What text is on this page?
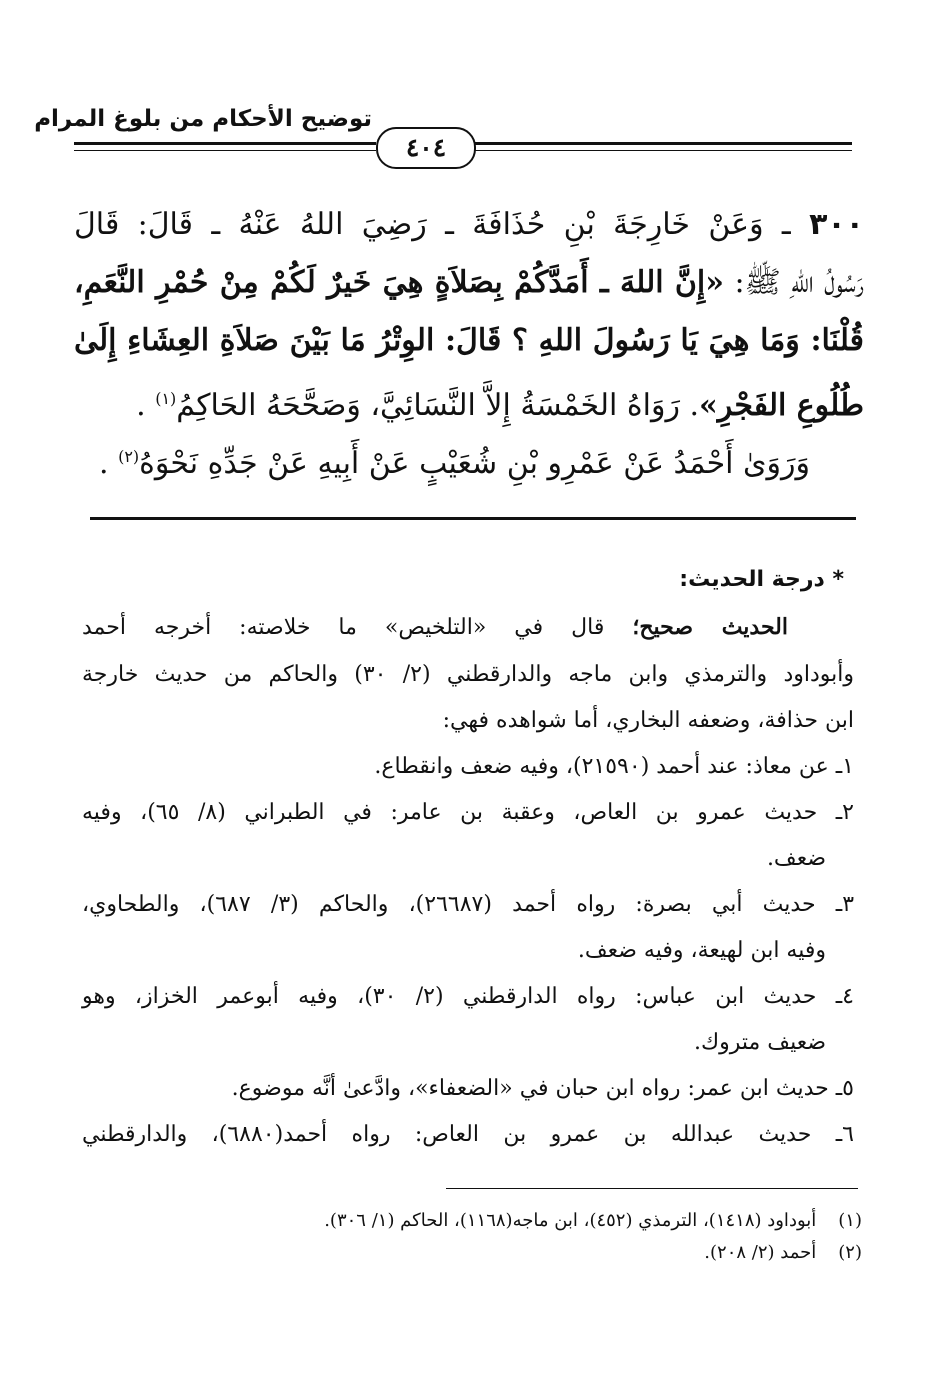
توضيح الأحكام من بلوغ المرام
٤٠٤
٣٠٠ ـ وَعَنْ خَارِجَةَ بْنِ حُذَافَةَ ـ رَضِيَ اللهُ عَنْهُ ـ قَالَ: قَالَ
رَسُولُ اللهِ ﷺ: «إِنَّ اللهَ ـ أَمَدَّكُمْ بِصَلاَةٍ هِيَ خَيرٌ لَكُمْ مِنْ حُمْرِ النَّعَمِ،
قُلْنَا: وَمَا هِيَ يَا رَسُولَ اللهِ ؟ قَالَ: الوِتْرُ مَا بَيْنَ صَلاَةِ العِشَاءِ إِلَىٰ
طُلُوعِ الفَجْرِ». رَوَاهُ الخَمْسَةُ إِلاَّ النَّسَائِيَّ، وَصَحَّحَهُ الحَاكِمُ$^{(١)}$ .
وَرَوَىٰ أَحْمَدُ عَنْ عَمْرِو بْنِ شُعَيْبٍ عَنْ أَبِيهِ عَنْ جَدِّهِ نَحْوَهُ$^{(٢)}$ .
* درجة الحديث:
الحديث صحيح؛ قال في «التلخيص» ما خلاصته: أخرجه أحمد
وأبوداود والترمذي وابن ماجه والدارقطني (٢/ ٣٠) والحاكم من حديث خارجة
ابن حذافة، وضعفه البخاري، أما شواهده فهي:
١ـ عن معاذ: عند أحمد (٢١٥٩٠)، وفيه ضعف وانقطاع.
٢ـ حديث عمرو بن العاص، وعقبة بن عامر: في الطبراني (٨/ ٦٥)، وفيه
ضعف.
٣ـ حديث أبي بصرة: رواه أحمد (٢٦٦٨٧)، والحاكم (٣/ ٦٨٧)، والطحاوي،
وفيه ابن لهيعة، وفيه ضعف.
٤ـ حديث ابن عباس: رواه الدارقطني (٢/ ٣٠)، وفيه أبوعمر الخزاز، وهو
ضعيف متروك.
٥ـ حديث ابن عمر: رواه ابن حبان في «الضعفاء»، وادَّعىٰ أنَّه موضوع.
٦ـ حديث عبدالله بن عمرو بن العاص: رواه أحمد(٦٨٨٠)، والدارقطني
(١) أبوداود (١٤١٨)، الترمذي (٤٥٢)، ابن ماجه(١١٦٨)، الحاكم (١/ ٣٠٦).
(٢) أحمد (٢/ ٢٠٨).
